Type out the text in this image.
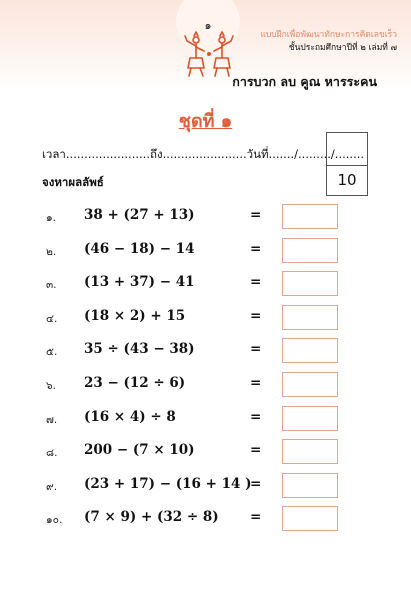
๑
แบบฝึกเพื่อพัฒนาทักษะการคิดเลขเร็ว
ชั้นประถมศึกษาปีที่ ๒ เล่มที่ ๗
การบวก ลบ คูณ หารระคน
ชุดที่ ๑
10
เวลา.......................ถึง.......................วันที่......./........./........
จงหาผลลัพธ์
๑. 38 + (27 + 13)	=
๒. (46 − 18) − 14	=
๓. (13 + 37) − 41	=
๔. (18 × 2) + 15	=
๕. 35 ÷ (43 − 38)	=
๖. 23 − (12 ÷ 6)	=
๗. (16 × 4) ÷ 8	=
๘. 200 − (7 × 10)	=
๙. (23 + 17) − (16 + 14 )
=
๑๐. (7 × 9) + (32 ÷ 8) =
